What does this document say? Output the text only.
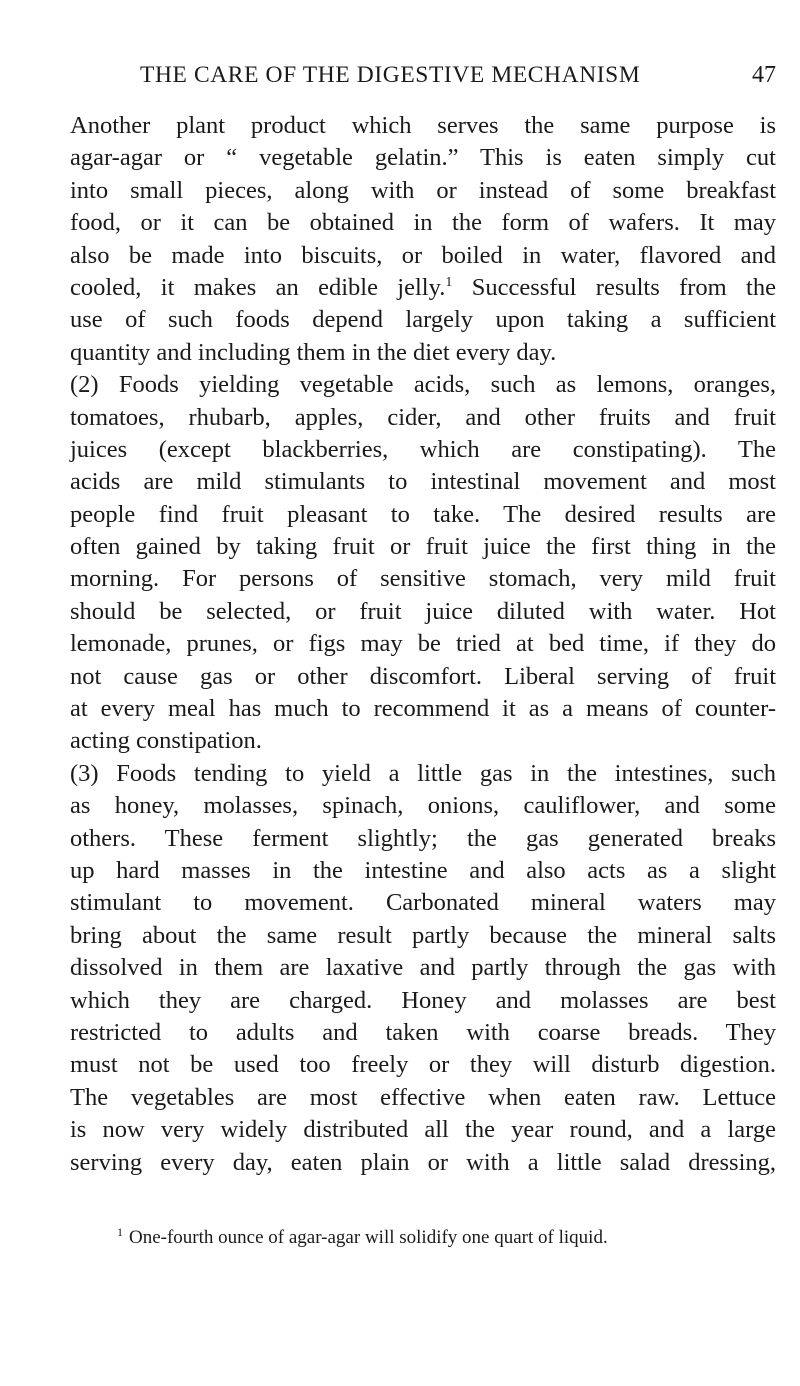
THE CARE OF THE DIGESTIVE MECHANISM	47
Another plant product which serves the same purpose is
agar-agar or “ vegetable gelatin.” This is eaten simply cut
into small pieces, along with or instead of some breakfast
food, or it can be obtained in the form of wafers. It may
also be made into biscuits, or boiled in water, flavored and
cooled, it makes an edible jelly.$^1$ Successful results from the
use of such foods depend largely upon taking a sufficient
quantity and including them in the diet every day.
(2) Foods yielding vegetable acids, such as lemons, oranges,
tomatoes, rhubarb, apples, cider, and other fruits and fruit
juices (except blackberries, which are constipating). The
acids are mild stimulants to intestinal movement and most
people find fruit pleasant to take. The desired results are
often gained by taking fruit or fruit juice the first thing in the
morning. For persons of sensitive stomach, very mild fruit
should be selected, or fruit juice diluted with water. Hot
lemonade, prunes, or figs may be tried at bed time, if they do
not cause gas or other discomfort. Liberal serving of fruit
at every meal has much to recommend it as a means of counter-
acting constipation.
(3) Foods tending to yield a little gas in the intestines, such
as honey, molasses, spinach, onions, cauliflower, and some
others. These ferment slightly; the gas generated breaks
up hard masses in the intestine and also acts as a slight
stimulant to movement. Carbonated mineral waters may
bring about the same result partly because the mineral salts
dissolved in them are laxative and partly through the gas with
which they are charged. Honey and molasses are best
restricted to adults and taken with coarse breads. They
must not be used too freely or they will disturb digestion.
The vegetables are most effective when eaten raw. Lettuce
is now very widely distributed all the year round, and a large
serving every day, eaten plain or with a little salad dressing,
$^1$ One-fourth ounce of agar-agar will solidify one quart of liquid.
